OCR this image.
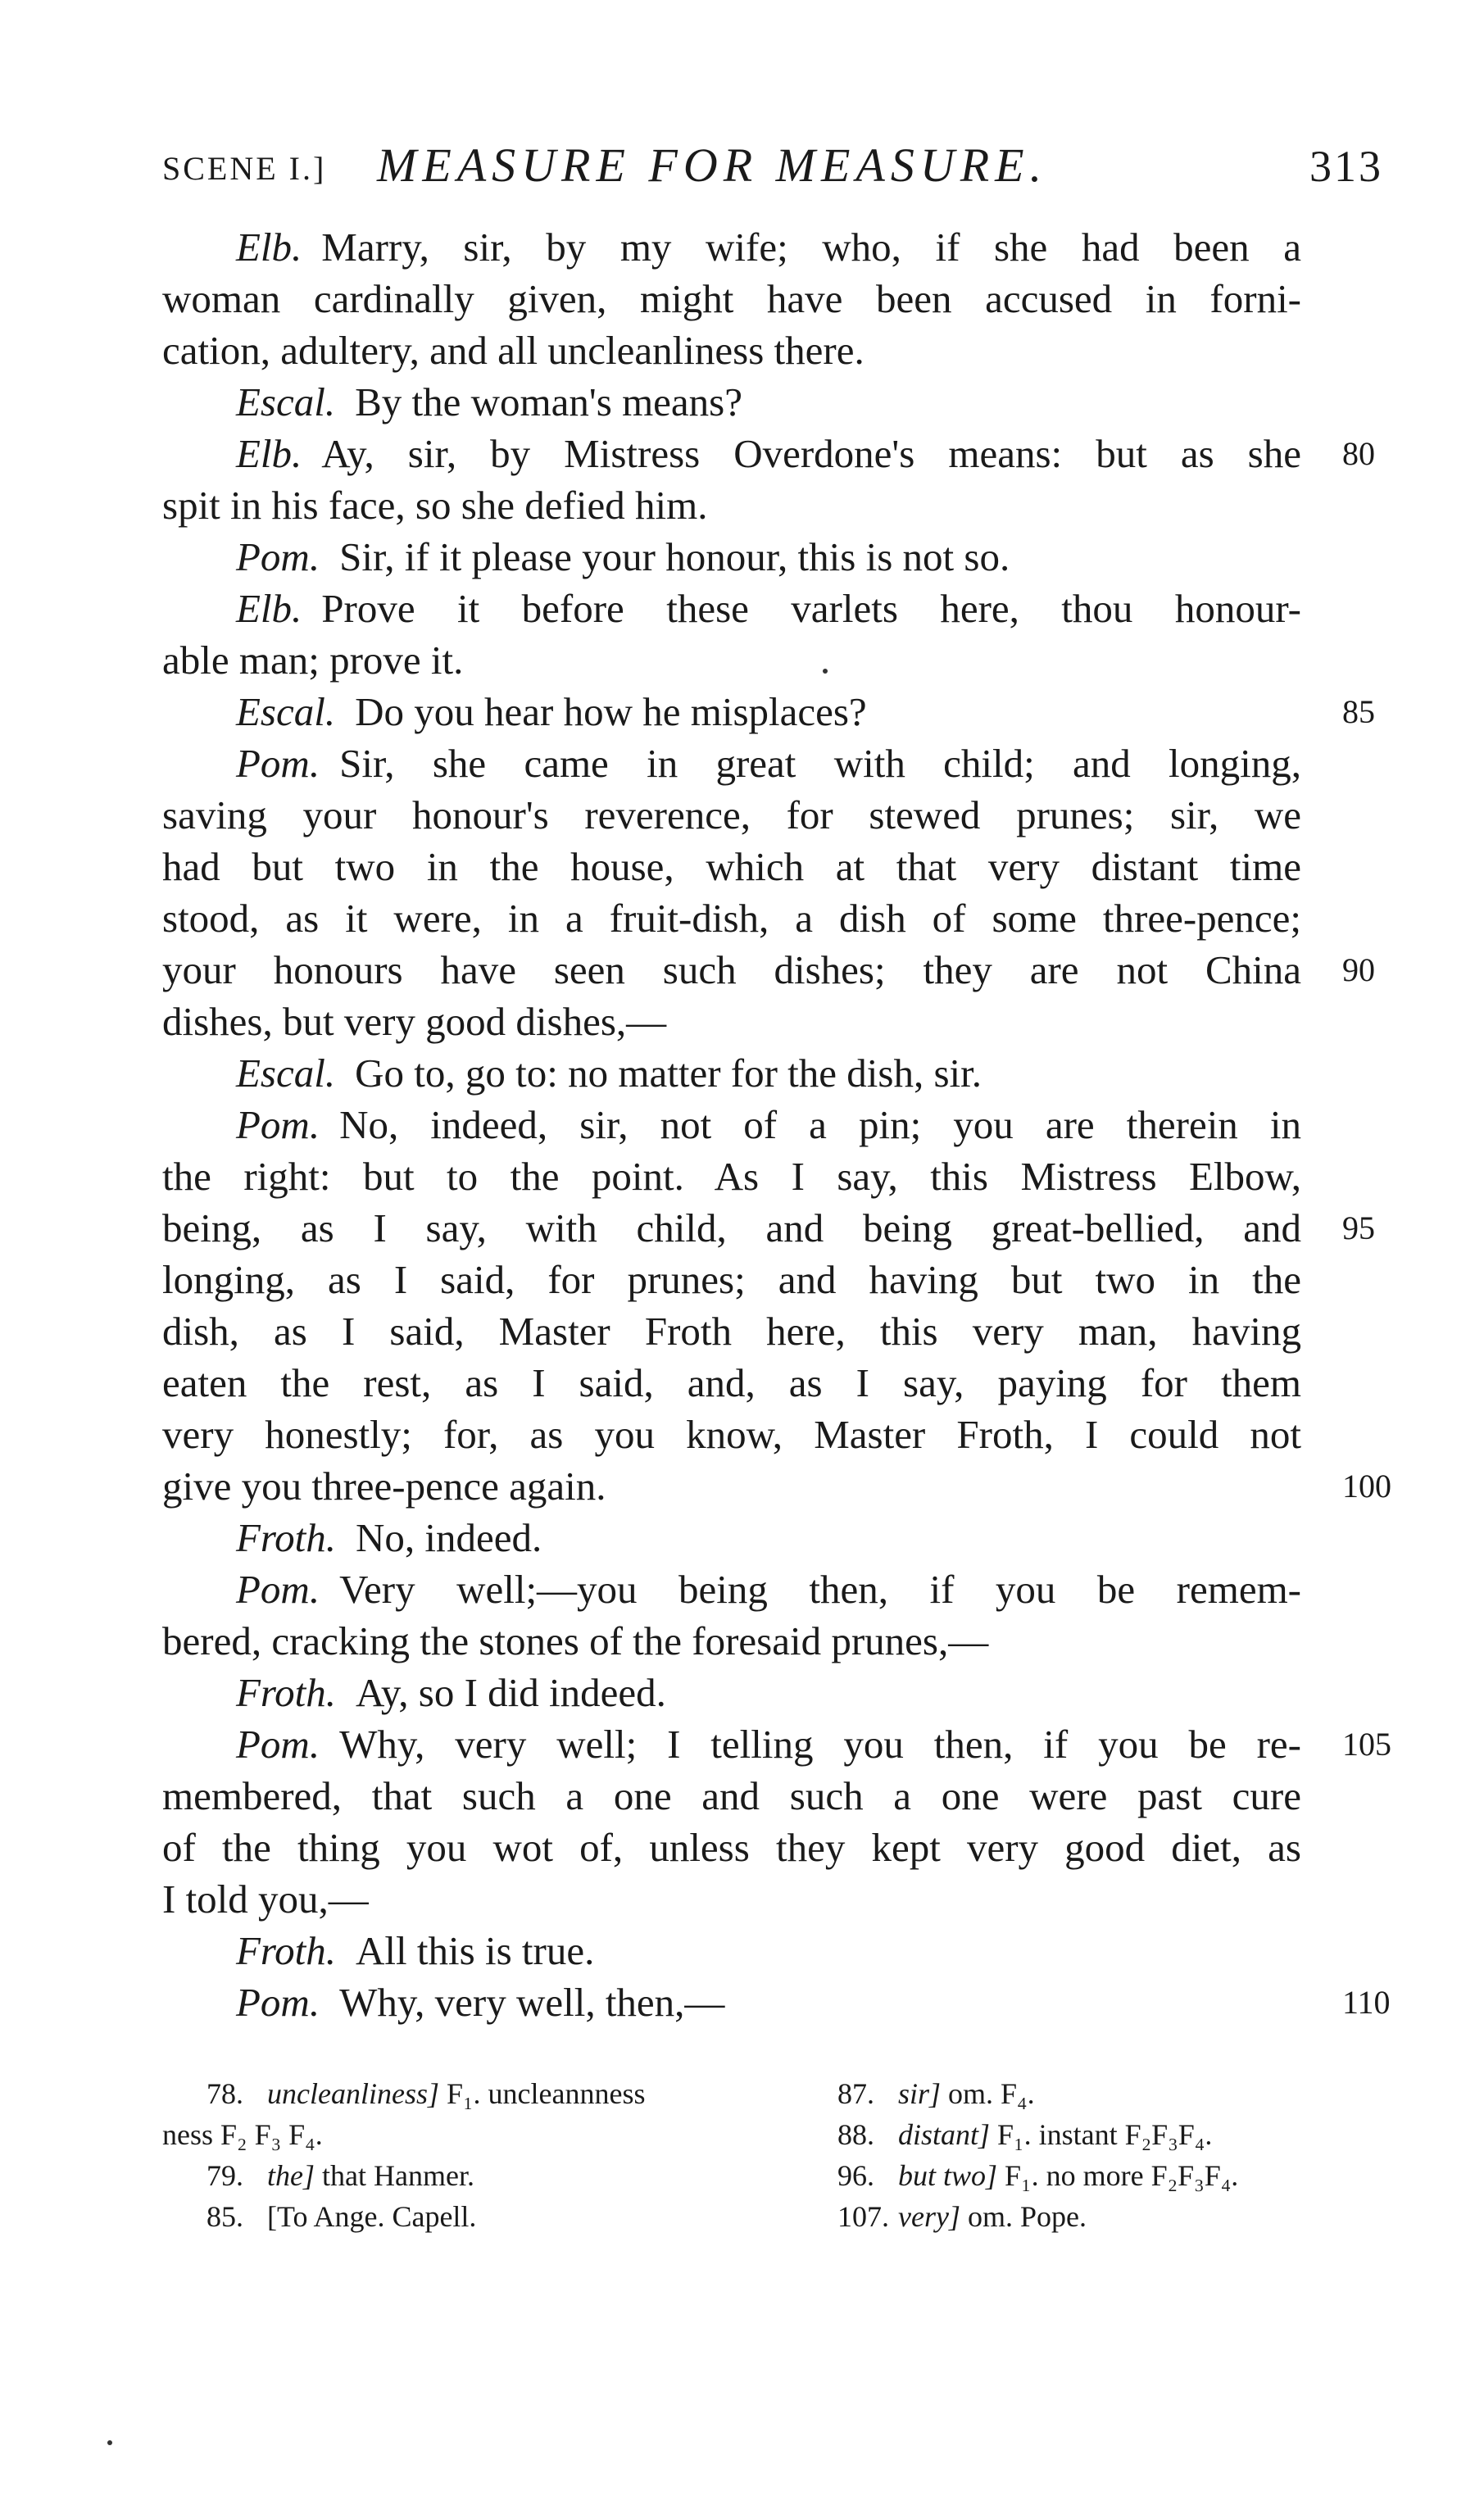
SCENE I.] MEASURE FOR MEASURE.	313
Elb. Marry, sir, by my wife; who, if she had been a
woman cardinally given, might have been accused in forni-
cation, adultery, and all uncleanliness there.
Escal. By the woman's means?
Elb. Ay, sir, by Mistress Overdone's means: but as she 80
spit in his face, so she defied him.
Pom. Sir, if it please your honour, this is not so.
Elb. Prove it before these varlets here, thou honour-
able man; prove it.
Escal. Do you hear how he misplaces?	85
Pom. Sir, she came in great with child; and longing,
saving your honour's reverence, for stewed prunes; sir, we
had but two in the house, which at that very distant time
stood, as it were, in a fruit-dish, a dish of some three-pence;
your honours have seen such dishes; they are not China 90
dishes, but very good dishes,—
Escal. Go to, go to: no matter for the dish, sir.
Pom. No, indeed, sir, not of a pin; you are therein in
the right: but to the point. As I say, this Mistress Elbow,
being, as I say, with child, and being great-bellied, and 95
longing, as I said, for prunes; and having but two in the
dish, as I said, Master Froth here, this very man, having
eaten the rest, as I said, and, as I say, paying for them
very honestly; for, as you know, Master Froth, I could not
give you three-pence again.	100
Froth. No, indeed.
Pom. Very well;—you being then, if you be remem-
bered, cracking the stones of the foresaid prunes,—
Froth. Ay, so I did indeed.
Pom. Why, very well; I telling you then, if you be re- 105
membered, that such a one and such a one were past cure
of the thing you wot of, unless they kept very good diet, as
I told you,—
Froth. All this is true.
Pom. Why, very well, then,—	110
78. uncleanliness] F₁. uncleannness
ness F₂ F₃ F₄.
79. the] that Hanmer.
85. [To Ange. Capell.
87. sir] om. F₄.
88. distant] F₁. instant F₂F₃F₄.
96. but two] F₁. no more F₂F₃F₄.
107. very] om. Pope.
